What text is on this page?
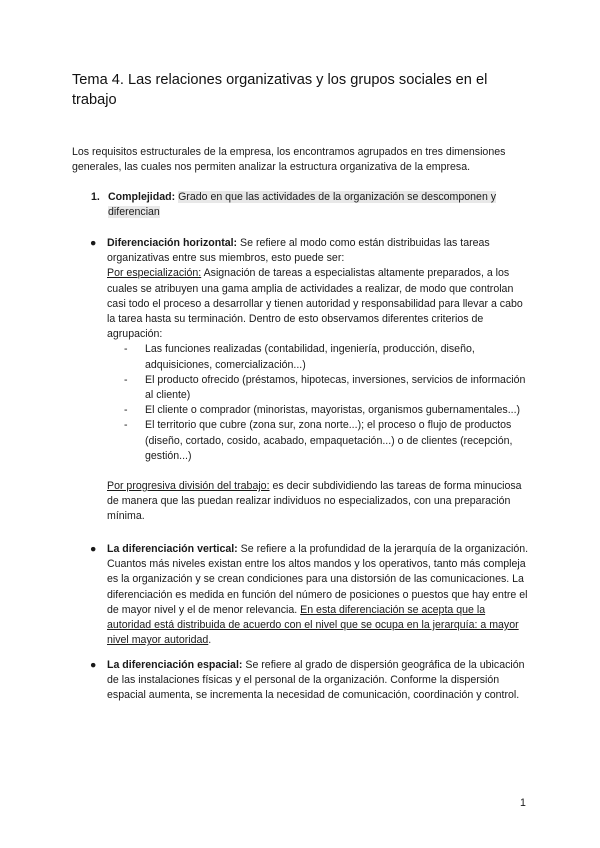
Tema 4. Las relaciones organizativas y los grupos sociales en el trabajo

Los requisitos estructurales de la empresa, los encontramos agrupados en tres dimensiones generales, las cuales nos permiten analizar la estructura organizativa de la empresa.

1. Complejidad: Grado en que las actividades de la organización se descomponen y diferencian
● Diferenciación horizontal: Se refiere al modo como están distribuidas las tareas organizativas entre sus miembros, esto puede ser:
Por especialización: Asignación de tareas a especialistas altamente preparados, a los cuales se atribuyen una gama amplia de actividades a realizar, de modo que controlan casi todo el proceso a desarrollar y tienen autoridad y responsabilidad para llevar a cabo la tarea hasta su terminación. Dentro de esto observamos diferentes criterios de agrupación:
- Las funciones realizadas (contabilidad, ingeniería, producción, diseño, adquisiciones, comercialización...)
- El producto ofrecido (préstamos, hipotecas, inversiones, servicios de información al cliente)
- El cliente o comprador (minoristas, mayoristas, organismos gubernamentales...)
- El territorio que cubre (zona sur, zona norte...); el proceso o flujo de productos (diseño, cortado, cosido, acabado, empaquetación...) o de clientes (recepción, gestión...)
Por progresiva división del trabajo: es decir subdividiendo las tareas de forma minuciosa de manera que las puedan realizar individuos no especializados, con una preparación mínima.
● La diferenciación vertical: Se refiere a la profundidad de la jerarquía de la organización. Cuantos más niveles existan entre los altos mandos y los operativos, tanto más compleja es la organización y se crean condiciones para una distorsión de las comunicaciones. La diferenciación es medida en función del número de posiciones o puestos que hay entre el de mayor nivel y el de menor relevancia. En esta diferenciación se acepta que la autoridad está distribuida de acuerdo con el nivel que se ocupa en la jerarquía: a mayor nivel mayor autoridad.
● La diferenciación espacial: Se refiere al grado de dispersión geográfica de la ubicación de las instalaciones físicas y el personal de la organización. Conforme la dispersión espacial aumenta, se incrementa la necesidad de comunicación, coordinación y control.
1
